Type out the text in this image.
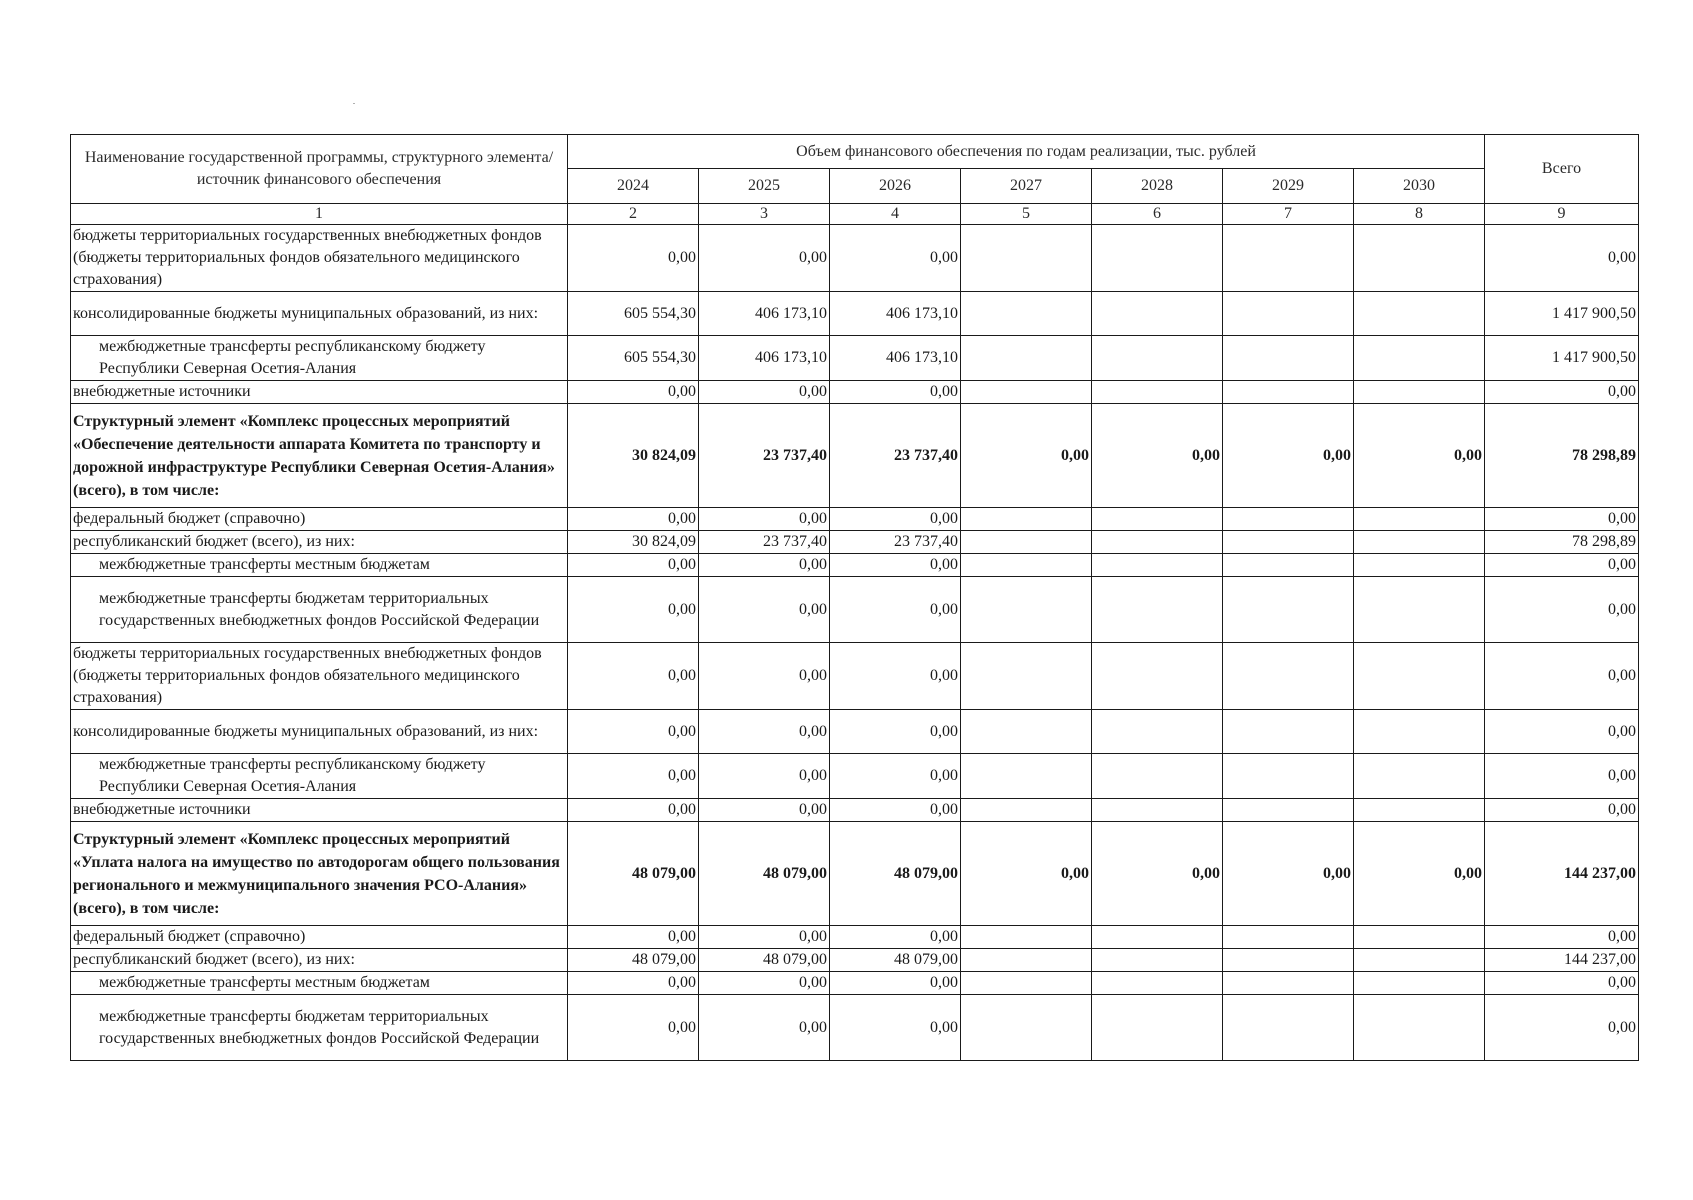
Наименование государственной программы, структурного элемента/источник финансового обеспечения	Объем финансового обеспечения по годам реализации, тыс. рублей							Всего
	2024	2025	2026	2027	2028	2029	2030	
1	2	3	4	5	6	7	8	9
бюджеты территориальных государственных внебюджетных фондов (бюджеты территориальных фондов обязательного медицинского страхования)	0,00	0,00	0,00					0,00
консолидированные бюджеты муниципальных образований, из них:	605 554,30	406 173,10	406 173,10					1 417 900,50
межбюджетные трансферты республиканскому бюджету Республики Северная Осетия-Алания	605 554,30	406 173,10	406 173,10					1 417 900,50
внебюджетные источники	0,00	0,00	0,00					0,00
Структурный элемент «Комплекс процессных мероприятий «Обеспечение деятельности аппарата Комитета по транспорту и дорожной инфраструктуре Республики Северная Осетия-Алания» (всего), в том числе:	30 824,09	23 737,40	23 737,40	0,00	0,00	0,00	0,00	78 298,89
федеральный бюджет (справочно)	0,00	0,00	0,00					0,00
республиканский бюджет (всего), из них:	30 824,09	23 737,40	23 737,40					78 298,89
межбюджетные трансферты местным бюджетам	0,00	0,00	0,00					0,00
межбюджетные трансферты бюджетам территориальных государственных внебюджетных фондов Российской Федерации	0,00	0,00	0,00					0,00
бюджеты территориальных государственных внебюджетных фондов (бюджеты территориальных фондов обязательного медицинского страхования)	0,00	0,00	0,00					0,00
консолидированные бюджеты муниципальных образований, из них:	0,00	0,00	0,00					0,00
межбюджетные трансферты республиканскому бюджету Республики Северная Осетия-Алания	0,00	0,00	0,00					0,00
внебюджетные источники	0,00	0,00	0,00					0,00
Структурный элемент «Комплекс процессных мероприятий «Уплата налога на имущество по автодорогам общего пользования регионального и межмуниципального значения РСО-Алания» (всего), в том числе:	48 079,00	48 079,00	48 079,00	0,00	0,00	0,00	0,00	144 237,00
федеральный бюджет (справочно)	0,00	0,00	0,00					0,00
республиканский бюджет (всего), из них:	48 079,00	48 079,00	48 079,00					144 237,00
межбюджетные трансферты местным бюджетам	0,00	0,00	0,00					0,00
межбюджетные трансферты бюджетам территориальных государственных внебюджетных фондов Российской Федерации	0,00	0,00	0,00					0,00
